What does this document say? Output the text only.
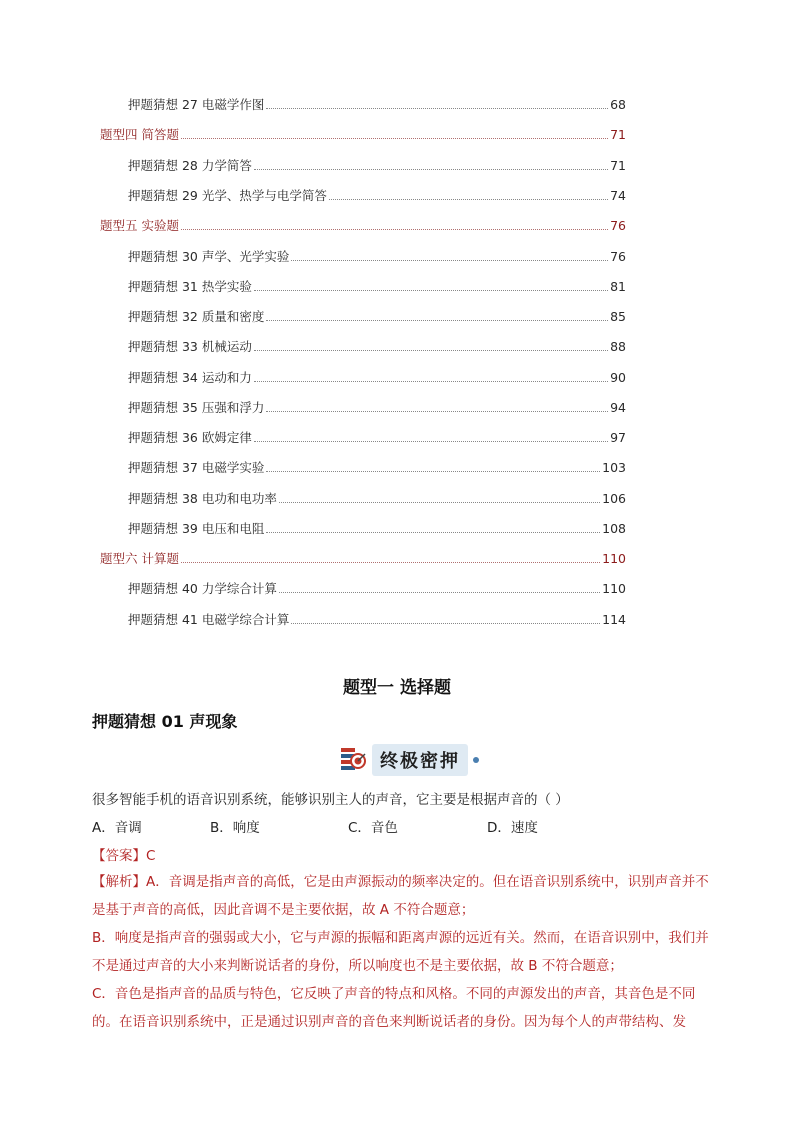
押题猜想 27 电磁学作图	68
题型四 简答题	71
押题猜想 28 力学简答	71
押题猜想 29 光学、热学与电学简答	74
题型五 实验题	76
押题猜想 30 声学、光学实验	76
押题猜想 31 热学实验	81
押题猜想 32 质量和密度	85
押题猜想 33 机械运动	88
押题猜想 34 运动和力	90
押题猜想 35 压强和浮力	94
押题猜想 36 欧姆定律	97
押题猜想 37 电磁学实验	103
押题猜想 38 电功和电功率	106
押题猜想 39 电压和电阻	108
题型六 计算题	110
押题猜想 40 力学综合计算	110
押题猜想 41 电磁学综合计算	114
题型一 选择题
押题猜想 01 声现象
终极密押
很多智能手机的语音识别系统，能够识别主人的声音，它主要是根据声音的（ ）
A．音调	B．响度	C．音色	D．速度
【答案】C

【解析】A．音调是指声音的高低，它是由声源振动的频率决定的。但在语音识别系统中，识别声音并不是基于声音的高低，因此音调不是主要依据，故 A 不符合题意；

B．响度是指声音的强弱或大小，它与声源的振幅和距离声源的远近有关。然而，在语音识别中，我们并不是通过声音的大小来判断说话者的身份，所以响度也不是主要依据，故 B 不符合题意；

C．音色是指声音的品质与特色，它反映了声音的特点和风格。不同的声源发出的声音，其音色是不同的。在语音识别系统中，正是通过识别声音的音色来判断说话者的身份。因为每个人的声带结构、发
